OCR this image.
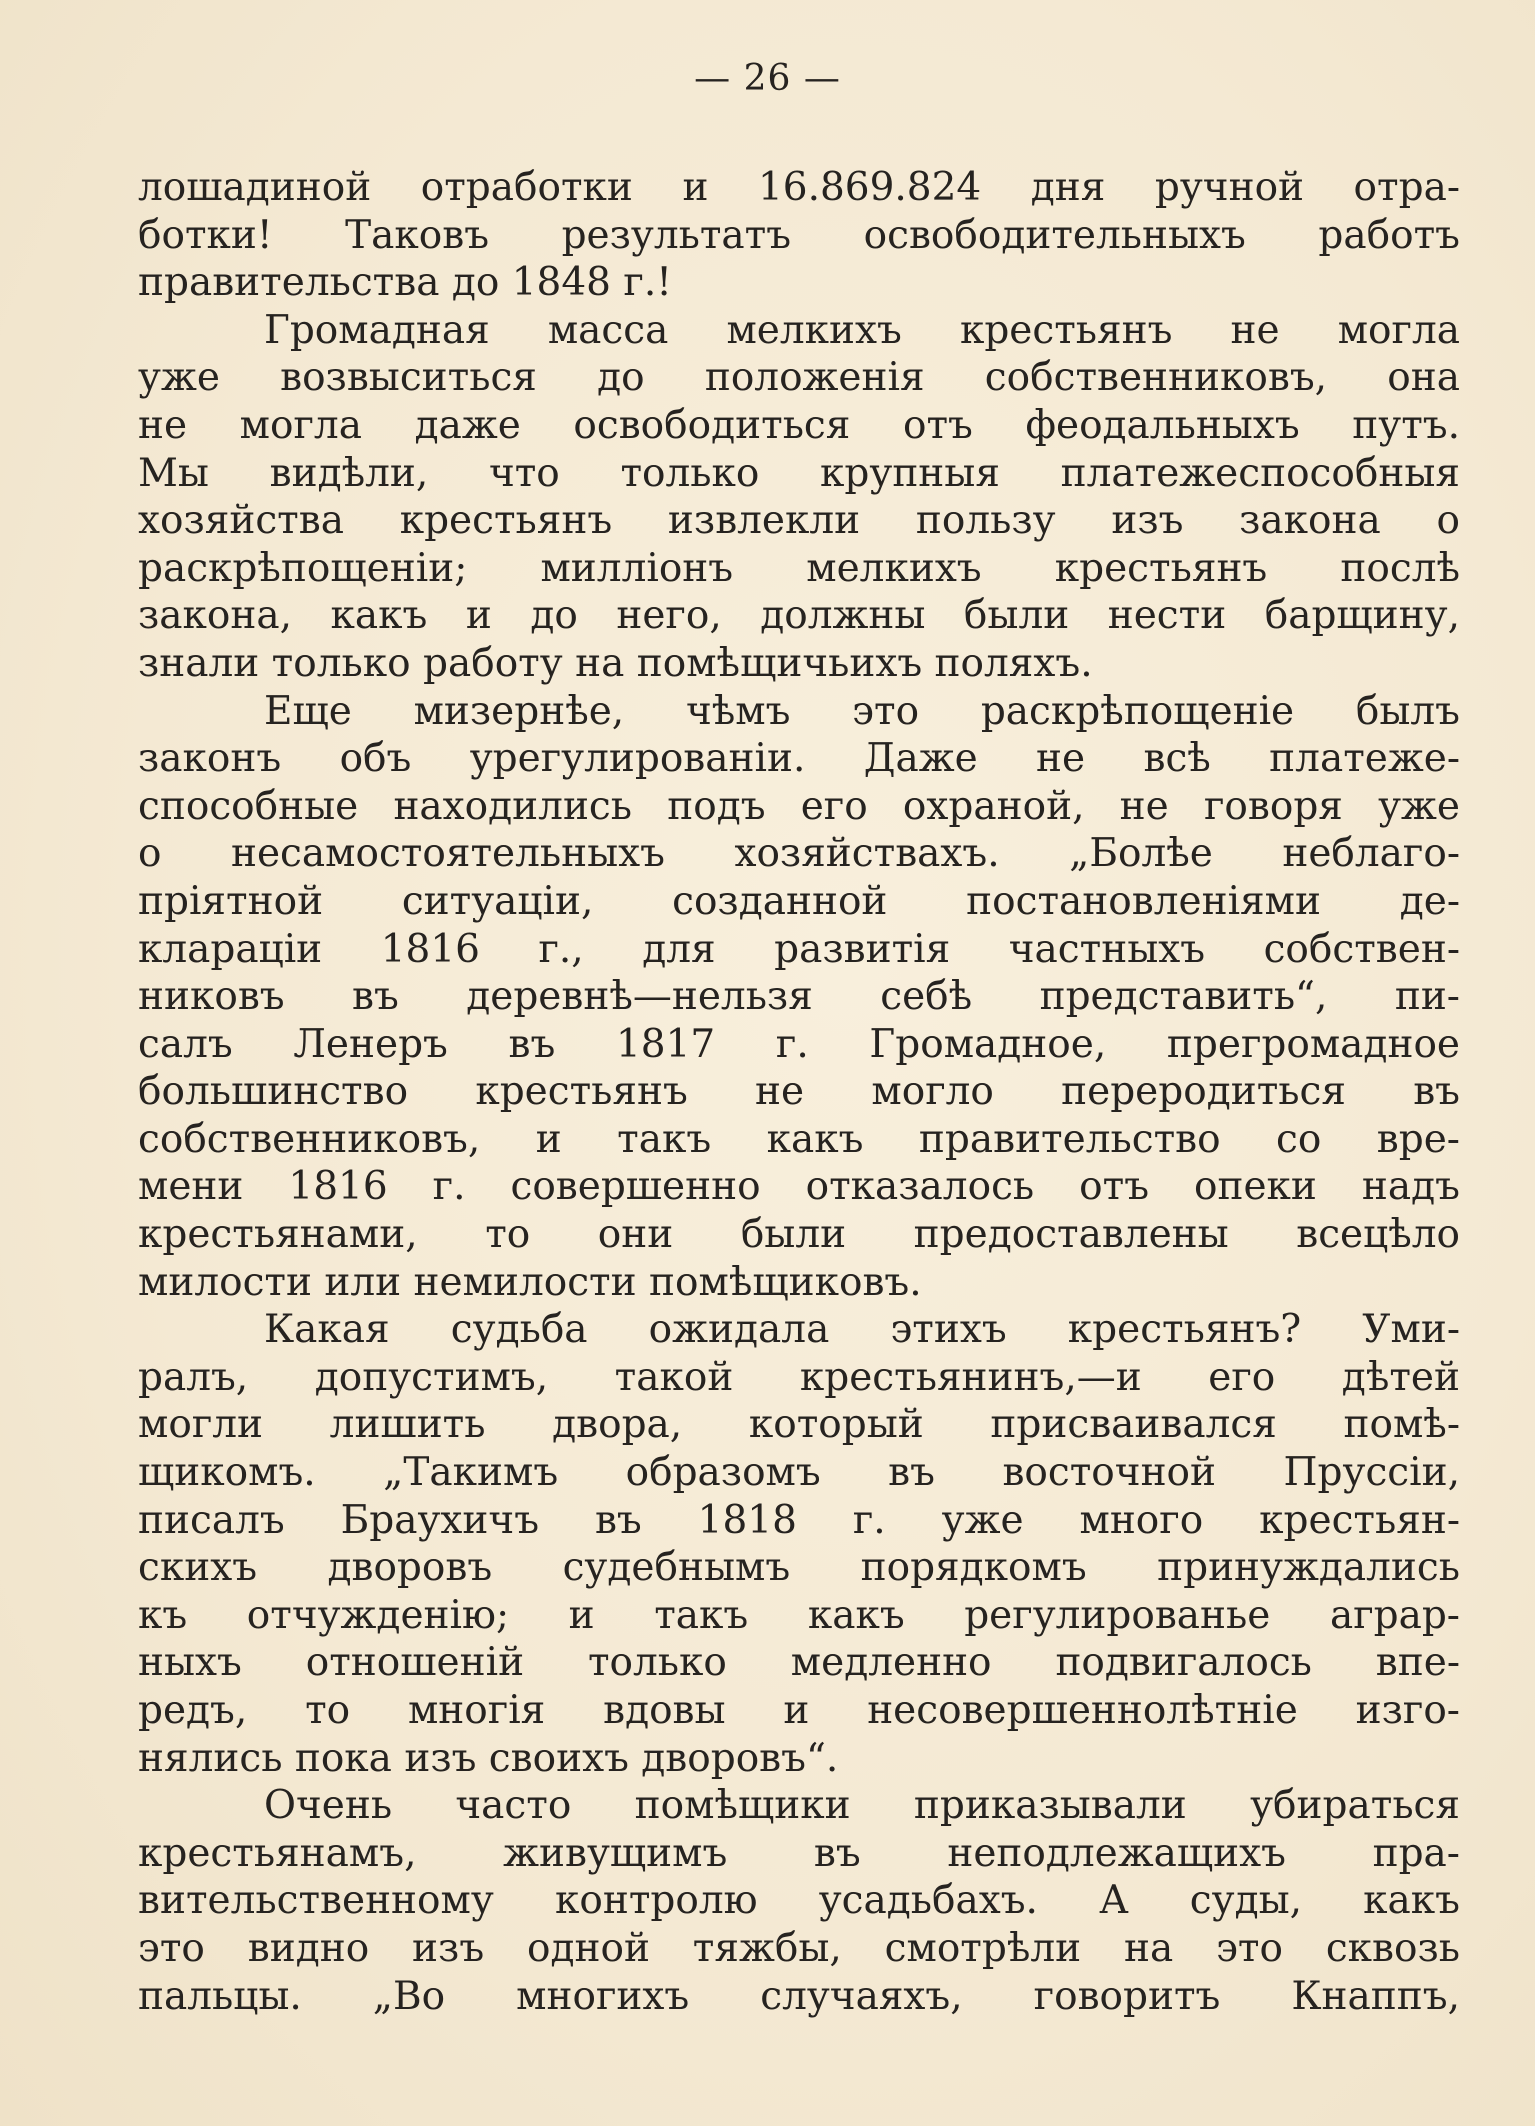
— 26 —
лошадиной отработки и 16.869.824 дня ручной отра-
ботки! Таковъ результатъ освободительныхъ работъ
правительства до 1848 г.!
Громадная масса мелкихъ крестьянъ не могла
уже возвыситься до положенія собственниковъ, она
не могла даже освободиться отъ феодальныхъ путъ.
Мы видѣли, что только крупныя платежеспособныя
хозяйства крестьянъ извлекли пользу изъ закона о
раскрѣпощеніи; милліонъ мелкихъ крестьянъ послѣ
закона, какъ и до него, должны были нести барщину,
знали только работу на помѣщичьихъ поляхъ.
Еще мизернѣе, чѣмъ это раскрѣпощеніе былъ
законъ объ урегулированіи. Даже не всѣ платеже-
способные находились подъ его охраной, не говоря уже
о несамостоятельныхъ хозяйствахъ. „Болѣе неблаго-
пріятной ситуаціи, созданной постановленіями де-
клараціи 1816 г., для развитія частныхъ собствен-
никовъ въ деревнѣ—нельзя себѣ представить“, пи-
салъ Ленеръ въ 1817 г. Громадное, прегромадное
большинство крестьянъ не могло переродиться въ
собственниковъ, и такъ какъ правительство со вре-
мени 1816 г. совершенно отказалось отъ опеки надъ
крестьянами, то они были предоставлены всецѣло
милости или немилости помѣщиковъ.
Какая судьба ожидала этихъ крестьянъ? Уми-
ралъ, допустимъ, такой крестьянинъ,—и его дѣтей
могли лишить двора, который присваивался помѣ-
щикомъ. „Такимъ образомъ въ восточной Пруссіи,
писалъ Браухичъ въ 1818 г. уже много крестьян-
скихъ дворовъ судебнымъ порядкомъ принуждались
къ отчужденію; и такъ какъ регулированье аграр-
ныхъ отношеній только медленно подвигалось впе-
редъ, то многія вдовы и несовершеннолѣтніе изго-
нялись пока изъ своихъ дворовъ“.
Очень часто помѣщики приказывали убираться
крестьянамъ, живущимъ въ неподлежащихъ пра-
вительственному контролю усадьбахъ. А суды, какъ
это видно изъ одной тяжбы, смотрѣли на это сквозь
пальцы. „Во многихъ случаяхъ, говоритъ Кнаппъ,
